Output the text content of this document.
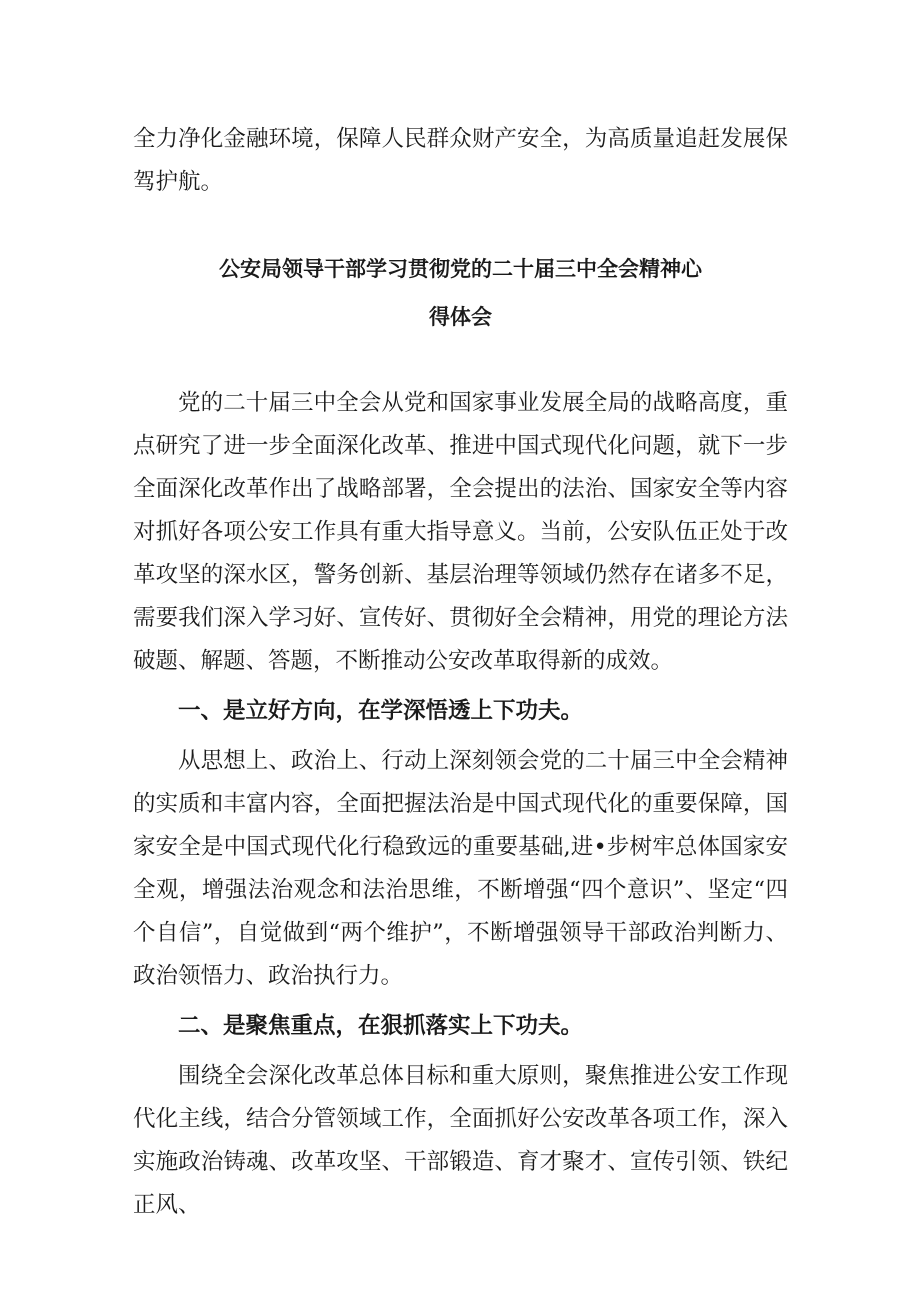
全力净化金融环境，保障人民群众财产安全，为高质量追赶发展保驾护航。

公安局领导干部学习贯彻党的二十届三中全会精神心
得体会

党的二十届三中全会从党和国家事业发展全局的战略高度，重点研究了进一步全面深化改革、推进中国式现代化问题，就下一步全面深化改革作出了战略部署，全会提出的法治、国家安全等内容对抓好各项公安工作具有重大指导意义。当前，公安队伍正处于改革攻坚的深水区，警务创新、基层治理等领域仍然存在诸多不足，需要我们深入学习好、宣传好、贯彻好全会精神，用党的理论方法破题、解题、答题，不断推动公安改革取得新的成效。

一、是立好方向，在学深悟透上下功夫。

从思想上、政治上、行动上深刻领会党的二十届三中全会精神的实质和丰富内容，全面把握法治是中国式现代化的重要保障，国家安全是中国式现代化行稳致远的重要基础,进•步树牢总体国家安全观，增强法治观念和法治思维，不断增强“四个意识”、坚定“四个自信”，自觉做到“两个维护”，不断增强领导干部政治判断力、政治领悟力、政治执行力。

二、是聚焦重点，在狠抓落实上下功夫。

围绕全会深化改革总体目标和重大原则，聚焦推进公安工作现代化主线，结合分管领域工作，全面抓好公安改革各项工作，深入实施政治铸魂、改革攻坚、干部锻造、育才聚才、宣传引领、铁纪正风、
